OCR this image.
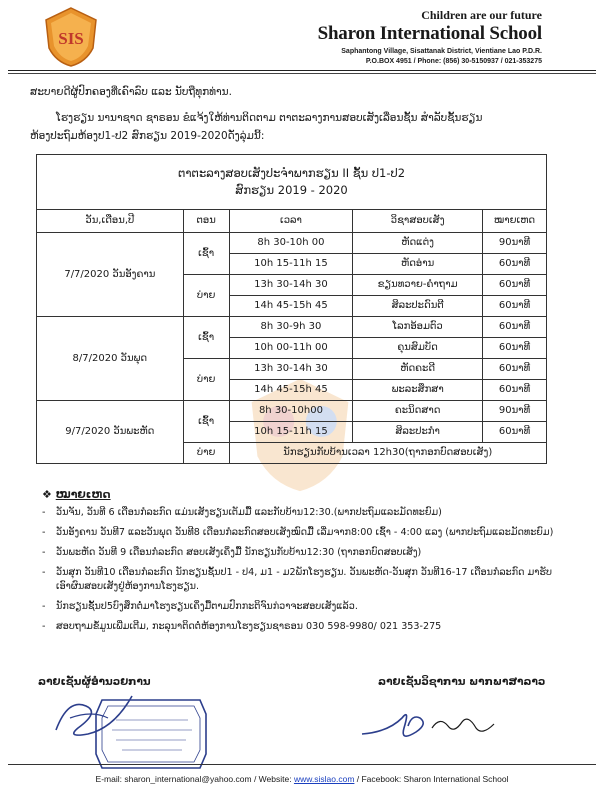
SIS
Children are our future
Sharon International School
Saphantong Village, Sisattanak District, Vientiane Lao P.D.R.
P.O.BOX 4951 / Phone: (856) 30-5150937 / 021-353275
ສະບາຍດີຜູ້ປົກຄອງທີ່ເຄົາລົບ ແລະ ນັບຖືທຸກທ່ານ.
ໂຮງຮຽນ ນານາຊາດ ຊາຣອນ ຂໍແຈ້ງໃຫ້ທ່ານຕິດຕາມ ຕາຕະລາງການສອບເສັງເລື່ອນຊັ້ນ ສຳລັບຊັ້ນຮຽນ
ຫ້ອງປະຖົມຫ້ອງປ1-ປ2 ສົກຮຽນ 2019-2020ດັ່ງລຸ່ມນີ້:
ຕາຕະລາງສອບເສັງປະຈຳພາກຮຽນ II ຊັ້ນ ປ1-ປ2
ສົກຮຽນ 2019 - 2020				

ວັນ,ເດືອນ,ປີ	ຕອນ	ເວລາ	ວິຊາສອບເສັງ	ໝາຍເຫດ
7/7/2020 ວັນອັງຄານ	ເຊົ້າ	8h 30-10h 00	ຫັດແຕ່ງ	90ນາທີ
		10h 15-11h 15	ຫັດອ່ານ	60ນາທີ
	ບ່າຍ	13h 30-14h 30	ຂຽນທວາຍ-ຄຳຖາມ	60ນາທີ
		14h 45-15h 45	ສິລະປະດົນຕີ	60ນາທີ
8/7/2020 ວັນພຸດ	ເຊົ້າ	8h 30-9h 30	ໂລກອ້ອມຕົວ	60ນາທີ
		10h 00-11h 00	ຄຸນສົມບັດ	60ນາທີ
	ບ່າຍ	13h 30-14h 30	ຫັດຄະດີ	60ນາທີ
		14h 45-15h 45	ພະລະສຶກສາ	60ນາທີ
9/7/2020 ວັນພະຫັດ	ເຊົ້າ	8h 30-10h00	ຄະນິດສາດ	90ນາທີ
		10h 15-11h 15	ສິລະປະກຳ	60ນາທີ
	ບ່າຍ	ນັກຮຽນກັບບ້ານເວລາ 12h30(ຖາກອກບົດສອບເສັງ)		
❖ ໝາຍເຫດ
- ວັນຈັນ, ວັນທີ 6 ເດືອນກໍລະກົດ ແມ່ນເສັງຮຽນເຕັມມື້ ແລະກັບບ້ານ12:30.(ພາກປະຖົມແລະມັດທະຍົມ)
- ວັນອັງຄານ ວັນທີ7 ແລະວັນພຸດ ວັນທີ8 ເດືອນກໍລະກົດສອບເສັງໝົດມື້ ເລີ່ມຈາກ8:00 ເຊົ້າ - 4:00 ແລງ (ພາກປະຖົມແລະມັດທະຍົມ)
- ວັນພະຫັດ ວັນທີ 9 ເດືອນກໍລະກົດ ສອບເສັງເຄິ່ງມື້ ນັກຮຽນກັບບ້ານ12:30 (ຖາກອກບົດສອບເສັງ)
- ວັນສຸກ ວັນທີ10 ເດືອນກໍລະກົດ ນັກຮຽນຊັ້ນປ1 - ປ4, ມ1 - ມ2ພັກໂຮງຮຽນ. ວັນພະຫັດ-ວັນສຸກ ວັນທີ16-17 ເດືອນກໍລະກົດ ມາຮັບເອົາຜົນສອບເສັງຢູ່ຫ້ອງການໂຮງຮຽນ.
- ນັກຮຽນຊັ້ນປ5ບົງສຶກຕໍ່ມາໂຮງຮຽນເຄິ່ງມື້ຕາມປົກກະຕິຈົນກ່ວາຈະສອບເສັງແລ້ວ.
- ສອບຖາມຂໍ້ມູນເພີ່ມເຕີມ, ກະລຸນາຕິດຕໍ່ຫ້ອງການໂຮງຮຽນຊາຣອນ 030 598-9980/ 021 353-275
ລາຍເຊັນຜູ້ອຳນວຍການ	ລາຍເຊັນວິຊາການ ພາກພາສາລາວ
E-mail: sharon_international@yahoo.com / Website: www.sislao.com / Facebook: Sharon International School
